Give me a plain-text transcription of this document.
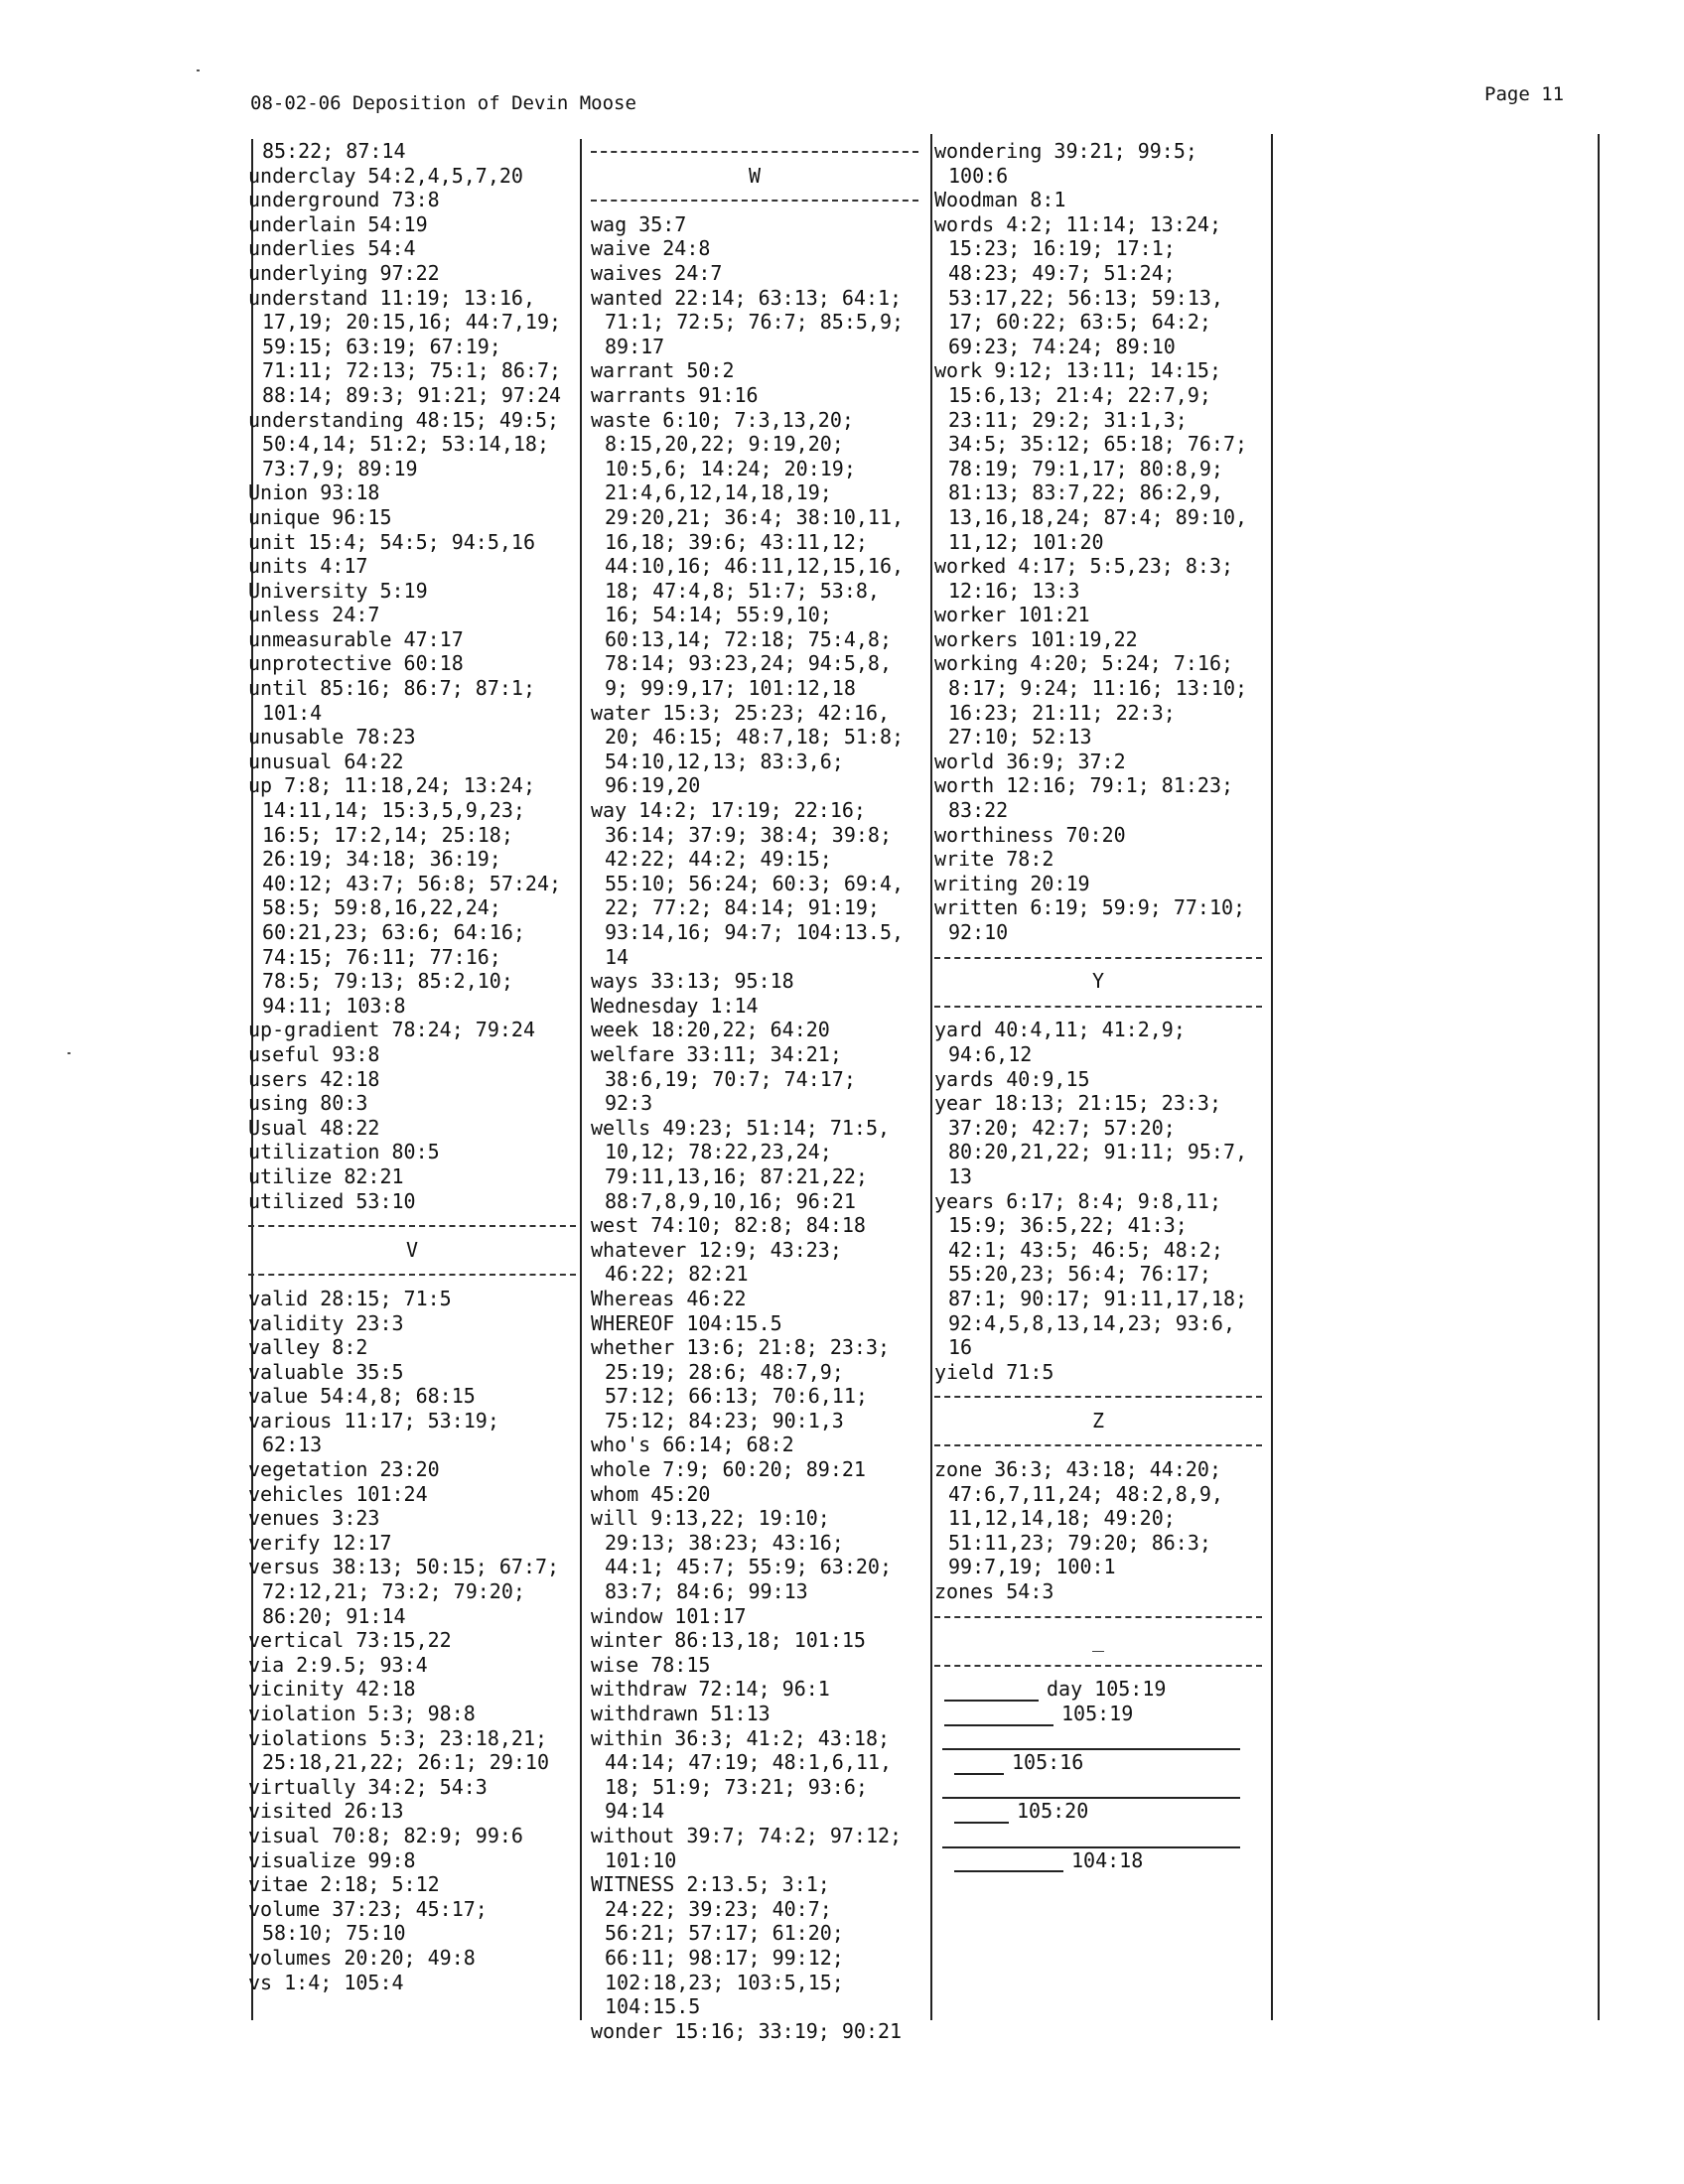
08-02-06 Deposition of Devin Moose	Page 11
85:22; 87:14
underclay 54:2,4,5,7,20
underground 73:8
underlain 54:19
underlies 54:4
underlying 97:22
understand 11:19; 13:16,
17,19; 20:15,16; 44:7,19;
59:15; 63:19; 67:19;
71:11; 72:13; 75:1; 86:7;
88:14; 89:3; 91:21; 97:24
understanding 48:15; 49:5;
50:4,14; 51:2; 53:14,18;
73:7,9; 89:19
Union 93:18
unique 96:15
unit 15:4; 54:5; 94:5,16
units 4:17
University 5:19
unless 24:7
unmeasurable 47:17
unprotective 60:18
until 85:16; 86:7; 87:1;
101:4
unusable 78:23
unusual 64:22
up 7:8; 11:18,24; 13:24;
14:11,14; 15:3,5,9,23;
16:5; 17:2,14; 25:18;
26:19; 34:18; 36:19;
40:12; 43:7; 56:8; 57:24;
58:5; 59:8,16,22,24;
60:21,23; 63:6; 64:16;
74:15; 76:11; 77:16;
78:5; 79:13; 85:2,10;
94:11; 103:8
up-gradient 78:24; 79:24
useful 93:8
users 42:18
using 80:3
Usual 48:22
utilization 80:5
utilize 82:21
utilized 53:10
V
valid 28:15; 71:5
validity 23:3
valley 8:2
valuable 35:5
value 54:4,8; 68:15
various 11:17; 53:19;
62:13
vegetation 23:20
vehicles 101:24
venues 3:23
verify 12:17
versus 38:13; 50:15; 67:7;
72:12,21; 73:2; 79:20;
86:20; 91:14
vertical 73:15,22
via 2:9.5; 93:4
vicinity 42:18
violation 5:3; 98:8
violations 5:3; 23:18,21;
25:18,21,22; 26:1; 29:10
virtually 34:2; 54:3
visited 26:13
visual 70:8; 82:9; 99:6
visualize 99:8
vitae 2:18; 5:12
volume 37:23; 45:17;
58:10; 75:10
volumes 20:20; 49:8
vs 1:4; 105:4
W
wag 35:7
waive 24:8
waives 24:7
wanted 22:14; 63:13; 64:1;
71:1; 72:5; 76:7; 85:5,9;
89:17
warrant 50:2
warrants 91:16
waste 6:10; 7:3,13,20;
8:15,20,22; 9:19,20;
10:5,6; 14:24; 20:19;
21:4,6,12,14,18,19;
29:20,21; 36:4; 38:10,11,
16,18; 39:6; 43:11,12;
44:10,16; 46:11,12,15,16,
18; 47:4,8; 51:7; 53:8,
16; 54:14; 55:9,10;
60:13,14; 72:18; 75:4,8;
78:14; 93:23,24; 94:5,8,
9; 99:9,17; 101:12,18
water 15:3; 25:23; 42:16,
20; 46:15; 48:7,18; 51:8;
54:10,12,13; 83:3,6;
96:19,20
way 14:2; 17:19; 22:16;
36:14; 37:9; 38:4; 39:8;
42:22; 44:2; 49:15;
55:10; 56:24; 60:3; 69:4,
22; 77:2; 84:14; 91:19;
93:14,16; 94:7; 104:13.5,
14
ways 33:13; 95:18
Wednesday 1:14
week 18:20,22; 64:20
welfare 33:11; 34:21;
38:6,19; 70:7; 74:17;
92:3
wells 49:23; 51:14; 71:5,
10,12; 78:22,23,24;
79:11,13,16; 87:21,22;
88:7,8,9,10,16; 96:21
west 74:10; 82:8; 84:18
whatever 12:9; 43:23;
46:22; 82:21
Whereas 46:22
WHEREOF 104:15.5
whether 13:6; 21:8; 23:3;
25:19; 28:6; 48:7,9;
57:12; 66:13; 70:6,11;
75:12; 84:23; 90:1,3
who's 66:14; 68:2
whole 7:9; 60:20; 89:21
whom 45:20
will 9:13,22; 19:10;
29:13; 38:23; 43:16;
44:1; 45:7; 55:9; 63:20;
83:7; 84:6; 99:13
window 101:17
winter 86:13,18; 101:15
wise 78:15
withdraw 72:14; 96:1
withdrawn 51:13
within 36:3; 41:2; 43:18;
44:14; 47:19; 48:1,6,11,
18; 51:9; 73:21; 93:6;
94:14
without 39:7; 74:2; 97:12;
101:10
WITNESS 2:13.5; 3:1;
24:22; 39:23; 40:7;
56:21; 57:17; 61:20;
66:11; 98:17; 99:12;
102:18,23; 103:5,15;
104:15.5
wonder 15:16; 33:19; 90:21
wondering 39:21; 99:5;
100:6
Woodman 8:1
words 4:2; 11:14; 13:24;
15:23; 16:19; 17:1;
48:23; 49:7; 51:24;
53:17,22; 56:13; 59:13,
17; 60:22; 63:5; 64:2;
69:23; 74:24; 89:10
work 9:12; 13:11; 14:15;
15:6,13; 21:4; 22:7,9;
23:11; 29:2; 31:1,3;
34:5; 35:12; 65:18; 76:7;
78:19; 79:1,17; 80:8,9;
81:13; 83:7,22; 86:2,9,
13,16,18,24; 87:4; 89:10,
11,12; 101:20
worked 4:17; 5:5,23; 8:3;
12:16; 13:3
worker 101:21
workers 101:19,22
working 4:20; 5:24; 7:16;
8:17; 9:24; 11:16; 13:10;
16:23; 21:11; 22:3;
27:10; 52:13
world 36:9; 37:2
worth 12:16; 79:1; 81:23;
83:22
worthiness 70:20
write 78:2
writing 20:19
written 6:19; 59:9; 77:10;
92:10
Y
yard 40:4,11; 41:2,9;
94:6,12
yards 40:9,15
year 18:13; 21:15; 23:3;
37:20; 42:7; 57:20;
80:20,21,22; 91:11; 95:7,
13
years 6:17; 8:4; 9:8,11;
15:9; 36:5,22; 41:3;
42:1; 43:5; 46:5; 48:2;
55:20,23; 56:4; 76:17;
87:1; 90:17; 91:11,17,18;
92:4,5,8,13,14,23; 93:6,
16
yield 71:5
Z
zone 36:3; 43:18; 44:20;
47:6,7,11,24; 48:2,8,9,
11,12,14,18; 49:20;
51:11,23; 79:20; 86:3;
99:7,19; 100:1
zones 54:3
_
day 105:19
105:19
105:16
105:20
104:18
